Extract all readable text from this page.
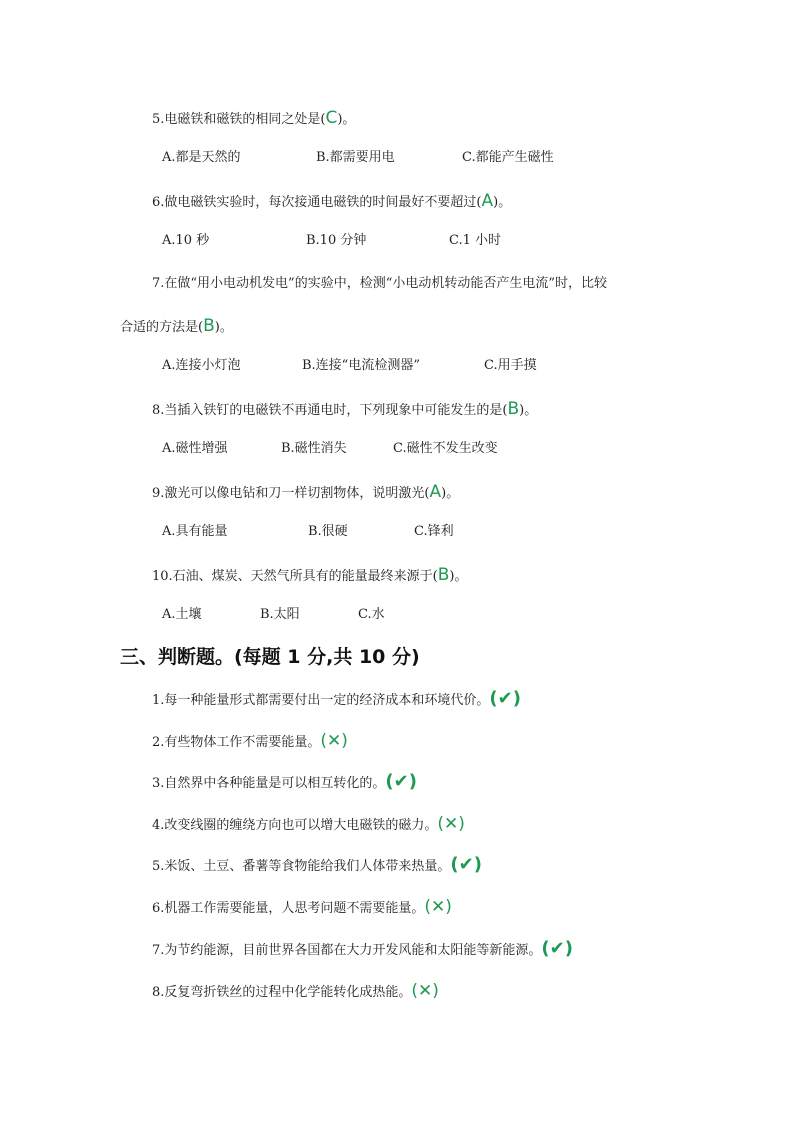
5.电磁铁和磁铁的相同之处是(C)。
A.都是天然的	B.都需要用电	C.都能产生磁性
6.做电磁铁实验时，每次接通电磁铁的时间最好不要超过(A)。
A.10 秒	B.10 分钟	C.1 小时
7.在做“用小电动机发电”的实验中，检测“小电动机转动能否产生电流”时，比较
合适的方法是(B)。
A.连接小灯泡	B.连接“电流检测器”	C.用手摸
8.当插入铁钉的电磁铁不再通电时，下列现象中可能发生的是(B)。
A.磁性增强	B.磁性消失	C.磁性不发生改变
9.激光可以像电钻和刀一样切割物体，说明激光(A)。
A.具有能量	B.很硬	C.锋利
10.石油、煤炭、天然气所具有的能量最终来源于(B)。
A.土壤	B.太阳	C.水
三、判断题。(每题 1 分,共 10 分)
1.每一种能量形式都需要付出一定的经济成本和环境代价。(✔)
2.有些物体工作不需要能量。(✕)
3.自然界中各种能量是可以相互转化的。(✔)
4.改变线圈的缠绕方向也可以增大电磁铁的磁力。(✕)
5.米饭、土豆、番薯等食物能给我们人体带来热量。(✔)
6.机器工作需要能量，人思考问题不需要能量。(✕)
7.为节约能源，目前世界各国都在大力开发风能和太阳能等新能源。(✔)
8.反复弯折铁丝的过程中化学能转化成热能。(✕)
